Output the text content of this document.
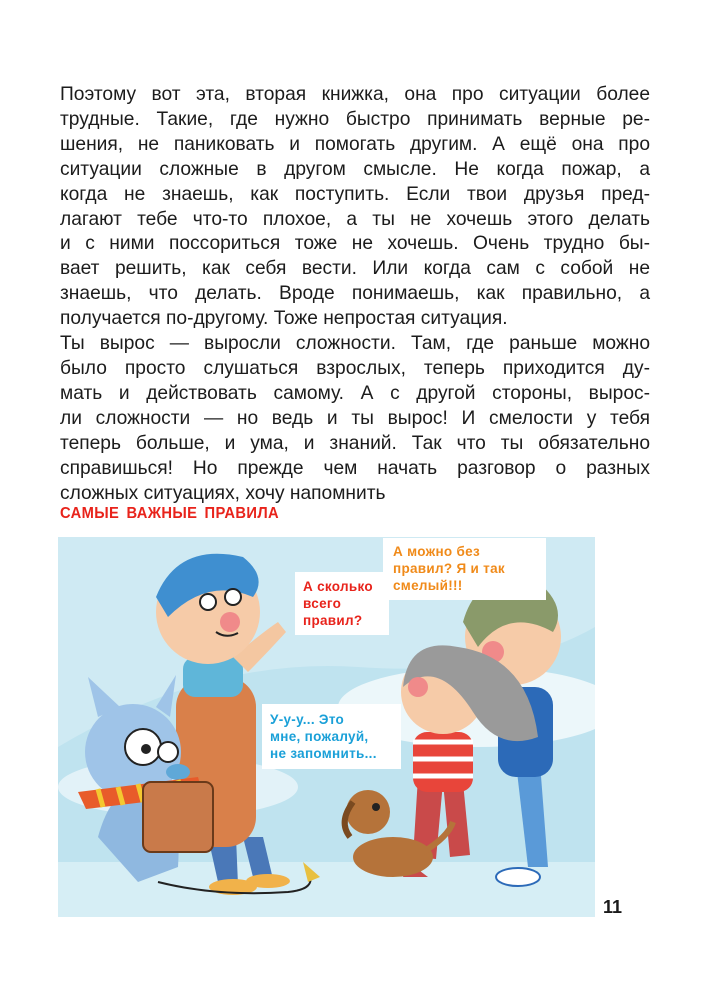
Поэтому вот эта, вторая книжка, она про ситуации более
трудные. Такие, где нужно быстро принимать верные ре-
шения, не паниковать и помогать другим. А ещё она про
ситуации сложные в другом смысле. Не когда пожар, а
когда не знаешь, как поступить. Если твои друзья пред-
лагают тебе что-то плохое, а ты не хочешь этого делать
и с ними поссориться тоже не хочешь. Очень трудно бы-
вает решить, как себя вести. Или когда сам с собой не
знаешь, что делать. Вроде понимаешь, как правильно, а
получается по-другому. Тоже непростая ситуация.
Ты вырос — выросли сложности. Там, где раньше можно
было просто слушаться взрослых, теперь приходится ду-
мать и действовать самому. А с другой стороны, вырос-
ли сложности — но ведь и ты вырос! И смелости у тебя
теперь больше, и ума, и знаний. Так что ты обязательно
справишься! Но прежде чем начать разговор о разных
сложных ситуациях, хочу напомнить
САМЫЕ ВАЖНЫЕ ПРАВИЛА
А сколько
всего
правил?
А можно без
правил? Я и так
смелый!!!
У-у-у... Это
мне, пожалуй,
не запомнить...
11
